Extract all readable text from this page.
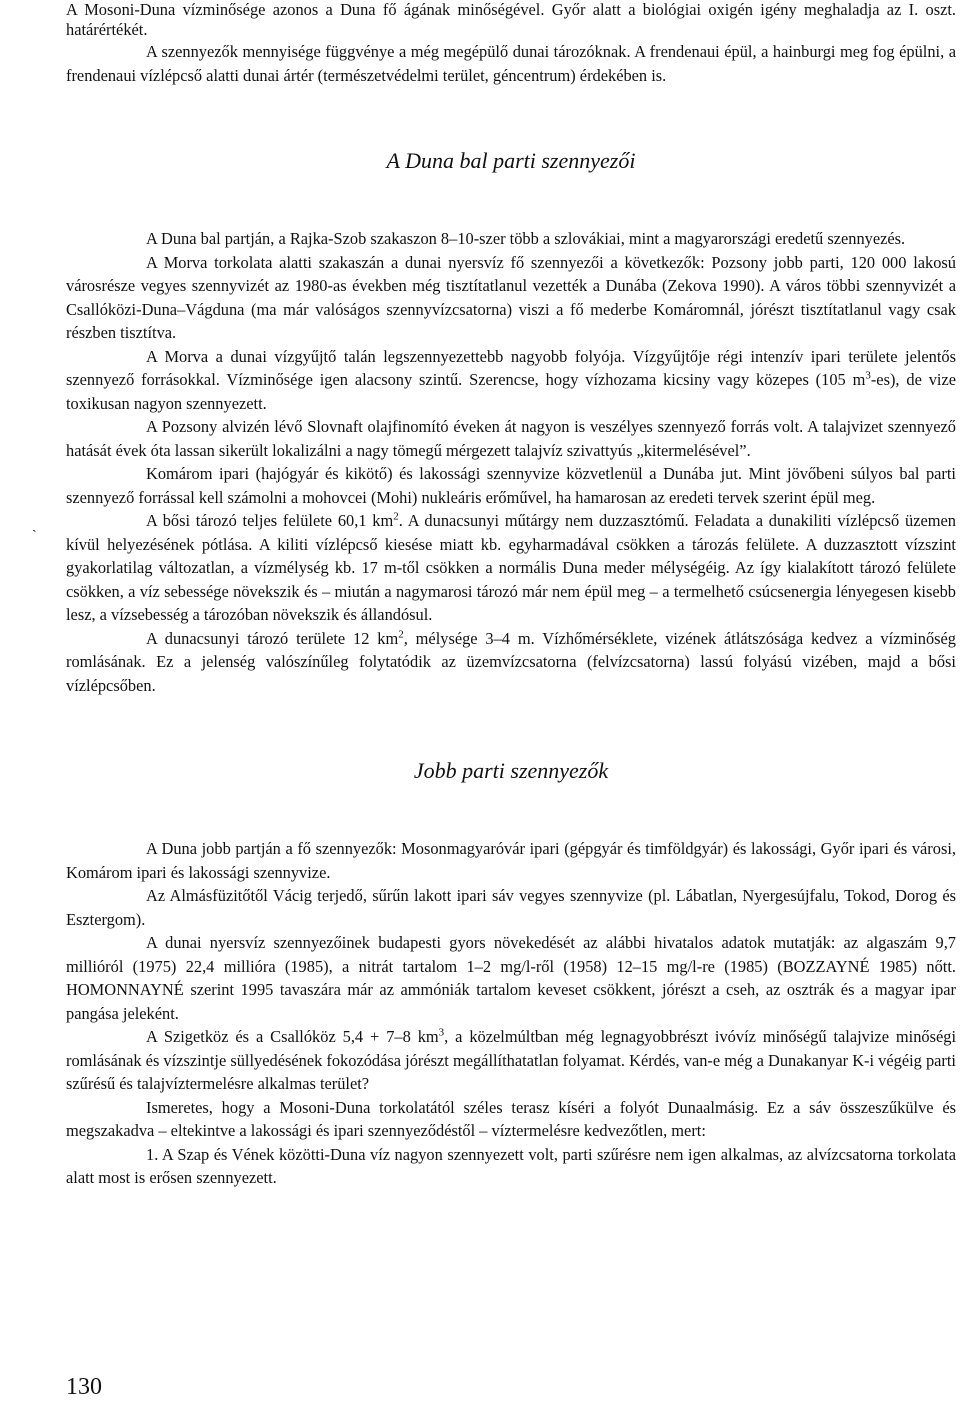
ˏ

A Mosoni-Duna vízminősége azonos a Duna fő ágának minőségével. Győr alatt a biológiai oxigén igény meghaladja az I. oszt. határértékét.

A szennyezők mennyisége függvénye a még megépülő dunai tározóknak. A frendenaui épül, a hainburgi meg fog épülni, a frendenaui vízlépcső alatti dunai ártér (természetvédelmi terület, géncentrum) érdekében is.

A Duna bal parti szennyezői

A Duna bal partján, a Rajka-Szob szakaszon 8–10-szer több a szlovákiai, mint a magyarországi eredetű szennyezés.

A Morva torkolata alatti szakaszán a dunai nyersvíz fő szennyezői a következők: Pozsony jobb parti, 120 000 lakosú városrésze vegyes szennyvizét az 1980-as években még tisztítatlanul vezették a Dunába (Zekova 1990). A város többi szennyvizét a Csallóközi-Duna–Vágduna (ma már valóságos szennyvízcsatorna) viszi a fő mederbe Komáromnál, jórészt tisztítatlanul vagy csak részben tisztítva.

A Morva a dunai vízgyűjtő talán legszennyezettebb nagyobb folyója. Vízgyűjtője régi intenzív ipari területe jelentős szennyező forrásokkal. Vízminősége igen alacsony szintű. Szerencse, hogy vízhozama kicsiny vagy közepes (105 $m^3-es$), de vize toxikusan nagyon szennyezett.

A Pozsony alvizén lévő Slovnaft olajfinomító éveken át nagyon is veszélyes szennyező forrás volt. A talajvizet szennyező hatását évek óta lassan sikerült lokalizálni a nagy tömegű mérgezett talajvíz szivattyús „kitermelésével”.

Komárom ipari (hajógyár és kikötő) és lakossági szennyvize közvetlenül a Dunába jut. Mint jövőbeni súlyos bal parti szennyező forrással kell számolni a mohovcei (Mohi) nukleáris erőművel, ha hamarosan az eredeti tervek szerint épül meg.

A bősi tározó teljes felülete 60,1 $km^2$. A dunacsunyi műtárgy nem duzzasztómű. Feladata a dunakiliti vízlépcső üzemen kívül helyezésének pótlása. A kiliti vízlépcső kiesése miatt kb. egyharmadával csökken a tározás felülete. A duzzasztott vízszint gyakorlatilag változatlan, a vízmélység kb. 17 m-től csökken a normális Duna meder mélységéig. Az így kialakított tározó felülete csökken, a víz sebessége növekszik és – miután a nagymarosi tározó már nem épül meg – a termelhető csúcsenergia lényegesen kisebb lesz, a vízsebesség a tározóban növekszik és állandósul.

A dunacsunyi tározó területe 12 $km^2$, mélysége 3–4 m. Vízhőmérséklete, vizének átlátszósága kedvez a vízminőség romlásának. Ez a jelenség valószínűleg folytatódik az üzemvízcsatorna (felvízcsatorna) lassú folyású vizében, majd a bősi vízlépcsőben.

Jobb parti szennyezők

A Duna jobb partján a fő szennyezők: Mosonmagyaróvár ipari (gépgyár és timföldgyár) és lakossági, Győr ipari és városi, Komárom ipari és lakossági szennyvize.

Az Almásfüzitőtől Vácig terjedő, sűrűn lakott ipari sáv vegyes szennyvize (pl. Lábatlan, Nyergesújfalu, Tokod, Dorog és Esztergom).

A dunai nyersvíz szennyezőinek budapesti gyors növekedését az alábbi hivatalos adatok mutatják: az algaszám 9,7 millióról (1975) 22,4 millióra (1985), a nitrát tartalom 1–2 mg/l-ről (1958) 12–15 mg/l-re (1985) (BOZZAYNÉ 1985) nőtt. HOMONNAYNÉ szerint 1995 tavaszára már az ammóniák tartalom keveset csökkent, jórészt a cseh, az osztrák és a magyar ipar pangása jeleként.

A Szigetköz és a Csallóköz 5,4 + 7–8 $km^3$, a közelmúltban még legnagyobbrészt ivóvíz minőségű talajvize minőségi romlásának és vízszintje süllyedésének fokozódása jórészt megállíthatatlan folyamat. Kérdés, van-e még a Dunakanyar K-i végéig parti szűrésű és talajvíztermelésre alkalmas terület?

Ismeretes, hogy a Mosoni-Duna torkolatától széles terasz kíséri a folyót Dunaalmásig. Ez a sáv összeszűkülve és megszakadva – eltekintve a lakossági és ipari szennyeződéstől – víztermelésre kedvezőtlen, mert:

1. A Szap és Vének közötti-Duna víz nagyon szennyezett volt, parti szűrésre nem igen alkalmas, az alvízcsatorna torkolata alatt most is erősen szennyezett.

130
